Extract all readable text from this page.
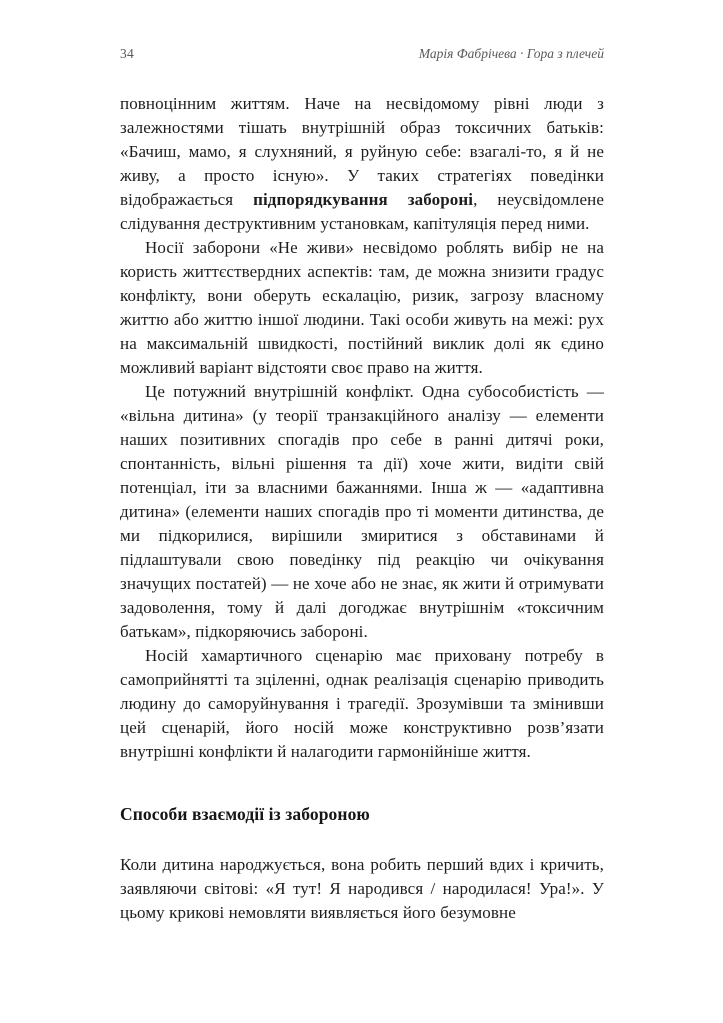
34	Марія Фабрічева · Гора з плечей

повноцінним життям. Наче на несвідомому рівні люди з залежностями тішать внутрішній образ токсичних батьків: «Бачиш, мамо, я слухняний, я руйную себе: взагалі-то, я й не живу, а просто існую». У таких стратегіях поведінки відображається підпорядкування забороні, неусвідомлене слідування деструктивним установкам, капітуляція перед ними.

Носії заборони «Не живи» несвідомо роблять вибір не на користь життєствердних аспектів: там, де можна знизити градус конфлікту, вони оберуть ескалацію, ризик, загрозу власному життю або життю іншої людини. Такі особи живуть на межі: рух на максимальній швидкості, постійний виклик долі як єдино можливий варіант відстояти своє право на життя.

Це потужний внутрішній конфлікт. Одна субособистість — «вільна дитина» (у теорії транзакційного аналізу — елементи наших позитивних спогадів про себе в ранні дитячі роки, спонтанність, вільні рішення та дії) хоче жити, видіти свій потенціал, іти за власними бажаннями. Інша ж — «адаптивна дитина» (елементи наших спогадів про ті моменти дитинства, де ми підкорилися, вирішили змиритися з обставинами й підлаштували свою поведінку під реакцію чи очікування значущих постатей) — не хоче або не знає, як жити й отримувати задоволення, тому й далі догоджає внутрішнім «токсичним батькам», підкоряючись забороні.

Носій хамартичного сценарію має приховану потребу в самоприйнятті та зціленні, однак реалізація сценарію приводить людину до саморуйнування і трагедії. Зрозумівши та змінивши цей сценарій, його носій може конструктивно розв’язати внутрішні конфлікти й налагодити гармонійніше життя.

Способи взаємодії із забороною

Коли дитина народжується, вона робить перший вдих і кричить, заявляючи світові: «Я тут! Я народився / народилася! Ура!». У цьому крикові немовляти виявляється його безумовне
